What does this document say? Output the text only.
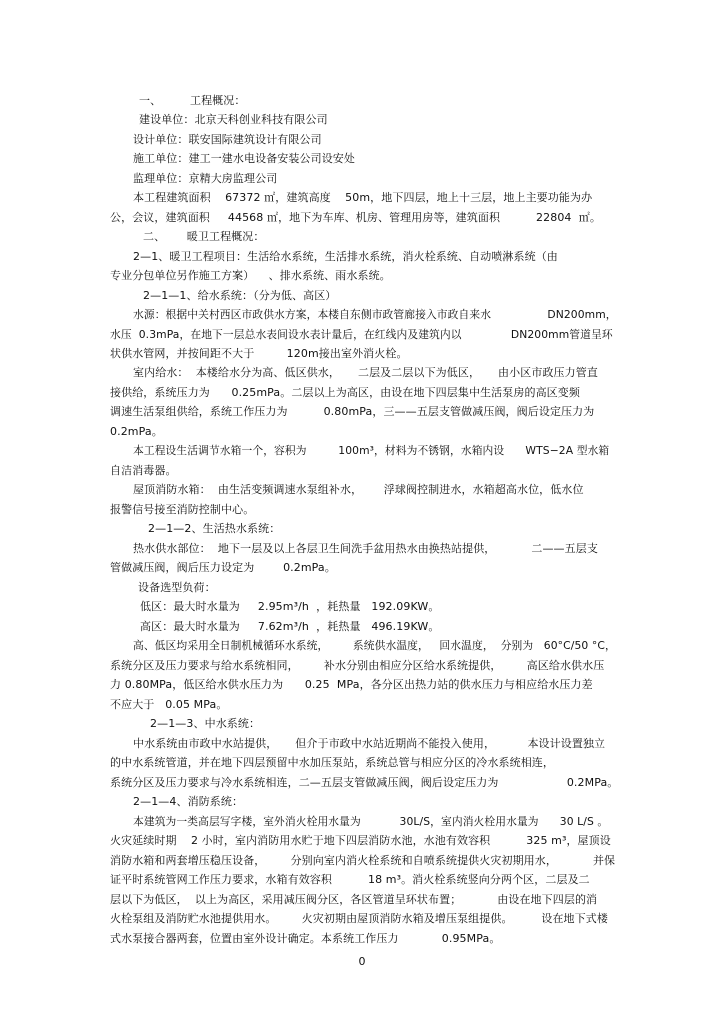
一、        工程概况：
建设单位：北京天科创业科技有限公司
设计单位：联安国际建筑设计有限公司
施工单位：建工一建水电设备安装公司设安处
监理单位：京精大房监理公司
本工程建筑面积    67372 ㎡，建筑高度    50m，地下四层，地上十三层，地上主要功能为办
公，会议，建筑面积     44568 ㎡，地下为车库、机房、管理用房等，建筑面积          22804  ㎡。
二、      暖卫工程概况：
2—1、暖卫工程项目：生活给水系统，生活排水系统，消火栓系统、自动喷淋系统（由
专业分包单位另作施工方案）    、排水系统、雨水系统。
2—1—1、给水系统：（分为低、高区）
水源：根据中关村西区市政供水方案，本楼自东侧市政管廊接入市政自来水                DN200mm，
水压  0.3mPa，在地下一层总水表间设水表计量后，在红线内及建筑内以              DN200mm管道呈环
状供水管网，并按间距不大于         120m接出室外消火栓。
室内给水：  本楼给水分为高、低区供水，     二层及二层以下为低区，     由小区市政压力管直
接供给，系统压力为      0.25mPa。二层以上为高区，由设在地下四层集中生活泵房的高区变频
调速生活泵组供给，系统工作压力为          0.80mPa，三——五层支管做减压阀，阀后设定压力为
0.2mPa。
本工程设生活调节水箱一个，容积为         100m³，材料为不锈钢，水箱内设      WTS−2A 型水箱
自洁消毒器。
屋顶消防水箱：  由生活变频调速水泵组补水，      浮球阀控制进水，水箱超高水位，低水位
报警信号接至消防控制中心。
2—1—2、生活热水系统：
热水供水部位：  地下一层及以上各层卫生间洗手盆用热水由换热站提供，          二——五层支
管做减压阀，阀后压力设定为        0.2mPa。
设备选型负荷：
低区：最大时水量为     2.95m³/h  ，耗热量   192.09KW。
高区：最大时水量为     7.62m³/h  ，耗热量   496.19KW。
高、低区均采用全日制机械循环水系统，       系统供水温度，   回水温度，  分别为   60°C/50 °C，
系统分区及压力要求与给水系统相同，       补水分别由相应分区给水系统提供，       高区给水供水压
力 0.80MPa，低区给水供水压力为      0.25  MPa，各分区出热力站的供水压力与相应给水压力差
不应大于   0.05 MPa。
2—1—3、中水系统：
中水系统由市政中水站提供，     但介于市政中水站近期尚不能投入使用，         本设计设置独立
的中水系统管道，并在地下四层预留中水加压泵站，系统总管与相应分区的冷水系统相连，
系统分区及压力要求与冷水系统相连，二—五层支管做减压阀，阀后设定压力为                   0.2MPa。
2—1—4、消防系统：
本建筑为一类高层写字楼，室外消火栓用水量为           30L/S，室内消火栓用水量为      30 L/S 。
火灾延续时期    2 小时，室内消防用水贮于地下四层消防水池，水池有效容积          325 m³，屋顶设
消防水箱和两套增压稳压设备，       分别向室内消火栓系统和自喷系统提供火灾初期用水，          并保
证平时系统管网工作压力要求，水箱有效容积          18 m³。消火栓系统竖向分两个区，二层及二
层以下为低区，  以上为高区，采用减压阀分区，各区管道呈环状布置；          由设在地下四层的消
火栓泵组及消防贮水池提供用水。       火灾初期由屋顶消防水箱及增压泵组提供。        设在地下式楼
式水泵接合器两套，位置由室外设计确定。本系统工作压力            0.95MPa。
0
